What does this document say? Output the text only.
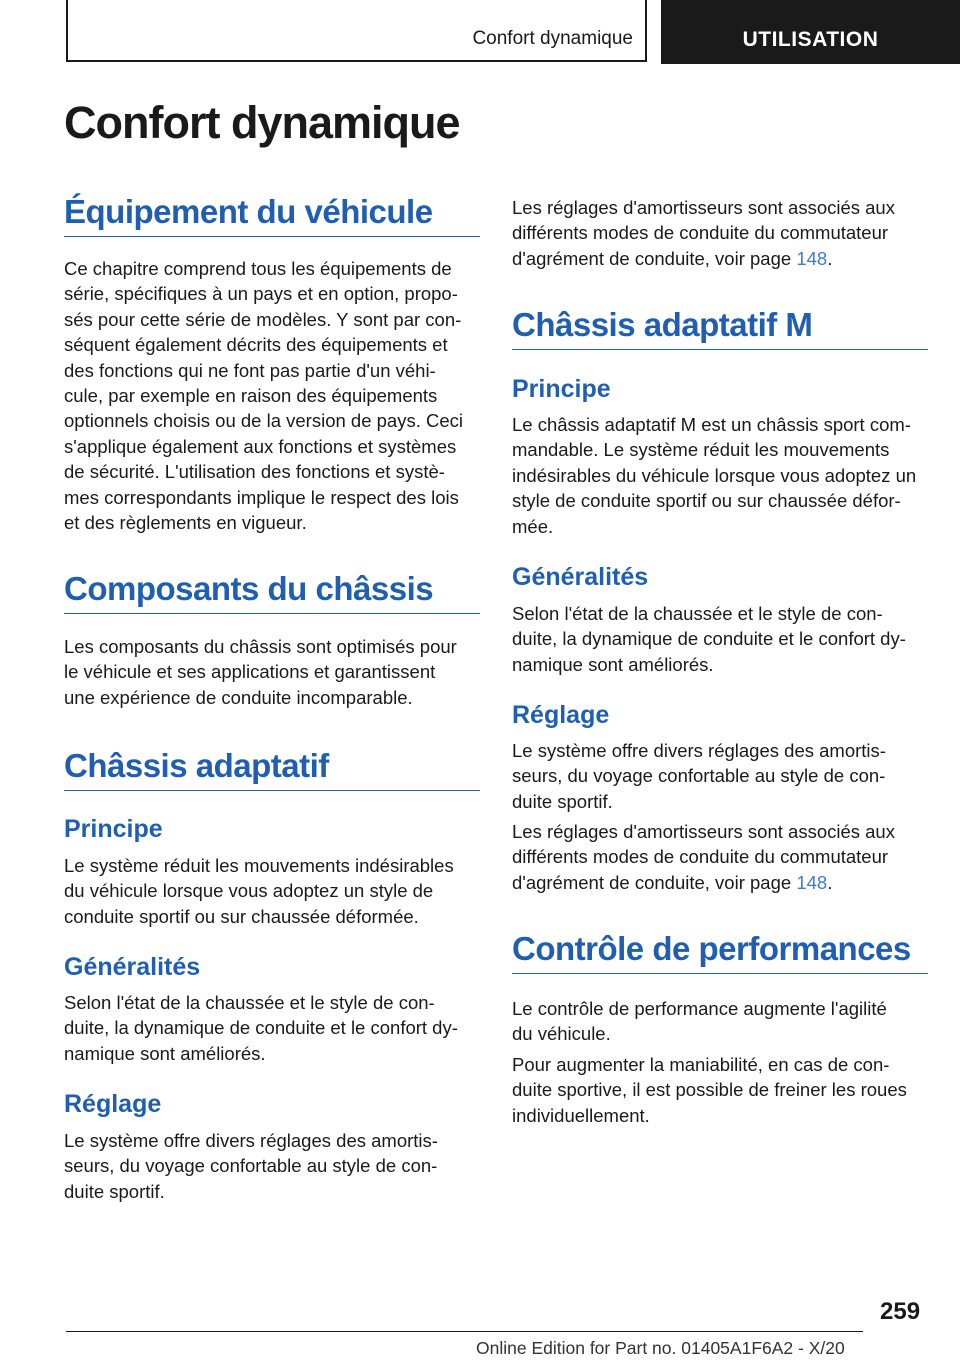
Confort dynamique	UTILISATION
Confort dynamique
Équipement du véhicule

Ce chapitre comprend tous les équipements de
série, spécifiques à un pays et en option, propo-
sés pour cette série de modèles. Y sont par con-
séquent également décrits des équipements et
des fonctions qui ne font pas partie d'un véhi-
cule, par exemple en raison des équipements
optionnels choisis ou de la version de pays. Ceci
s'applique également aux fonctions et systèmes
de sécurité. L'utilisation des fonctions et systè-
mes correspondants implique le respect des lois
et des règlements en vigueur.

Composants du châssis

Les composants du châssis sont optimisés pour
le véhicule et ses applications et garantissent
une expérience de conduite incomparable.

Châssis adaptatif
Principe

Le système réduit les mouvements indésirables
du véhicule lorsque vous adoptez un style de
conduite sportif ou sur chaussée déformée.

Généralités

Selon l'état de la chaussée et le style de con-
duite, la dynamique de conduite et le confort dy-
namique sont améliorés.

Réglage

Le système offre divers réglages des amortis-
seurs, du voyage confortable au style de con-
duite sportif.

Les réglages d'amortisseurs sont associés aux
différents modes de conduite du commutateur
d'agrément de conduite, voir page 148.

Châssis adaptatif M
Principe

Le châssis adaptatif M est un châssis sport com-
mandable. Le système réduit les mouvements
indésirables du véhicule lorsque vous adoptez un
style de conduite sportif ou sur chaussée défor-
mée.

Généralités

Selon l'état de la chaussée et le style de con-
duite, la dynamique de conduite et le confort dy-
namique sont améliorés.

Réglage

Le système offre divers réglages des amortis-
seurs, du voyage confortable au style de con-
duite sportif.

Les réglages d'amortisseurs sont associés aux
différents modes de conduite du commutateur
d'agrément de conduite, voir page 148.

Contrôle de performances

Le contrôle de performance augmente l'agilité
du véhicule.

Pour augmenter la maniabilité, en cas de con-
duite sportive, il est possible de freiner les roues
individuellement.

259
Online Edition for Part no. 01405A1F6A2 - X/20
